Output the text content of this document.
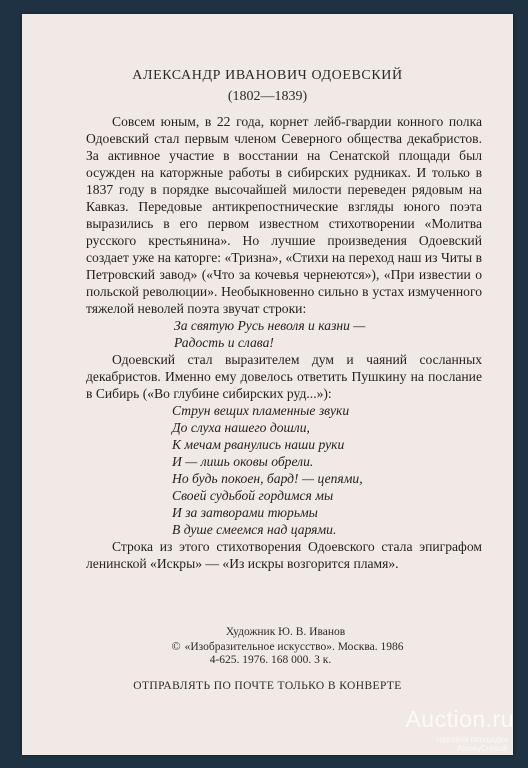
АЛЕКСАНДР ИВАНОВИЧ ОДОЕВСКИЙ
(1802—1839)

Совсем юным, в 22 года, корнет лейб-гвардии конного полка Одоевский стал первым членом Северного общества декабристов. За активное участие в восстании на Сенатской площади был осужден на каторжные работы в сибирских рудниках. И только в 1837 году в порядке высочайшей милости переведен рядовым на Кавказ. Передовые антикрепостнические взгляды юного поэта выразились в его первом известном стихотворении «Молитва русского крестьянина». Но лучшие произведения Одоевский создает уже на каторге: «Тризна», «Стихи на переход наш из Читы в Петровский завод» («Что за кочевья чернеются»), «При известии о польской революции». Необыкновенно сильно в устах измученного тяжелой неволей поэта звучат строки:

За святую Русь неволя и казни —
Радость и слава!

Одоевский стал выразителем дум и чаяний сосланных декабристов. Именно ему довелось ответить Пушкину на послание в Сибирь («Во глубине сибирских руд...»):

Струн вещих пламенные звуки
До слуха нашего дошли,
К мечам рванулись наши руки
И — лишь оковы обрели.
Но будь покоен, бард! — цепями,
Своей судьбой гордимся мы
И за затворами тюрьмы
В душе смеемся над царями.

Строка из этого стихотворения Одоевского стала эпиграфом ленинской «Искры» — «Из искры возгорится пламя».

Художник Ю. В. Иванов
© «Изобразительное искусство». Москва. 1986
4-625. 1976. 168 000. 3 к.
ОТПРАВЛЯТЬ ПО ПОЧТЕ ТОЛЬКО В КОНВЕРТЕ
Auction.ru
торговая площадка
AlexeyCresnik
